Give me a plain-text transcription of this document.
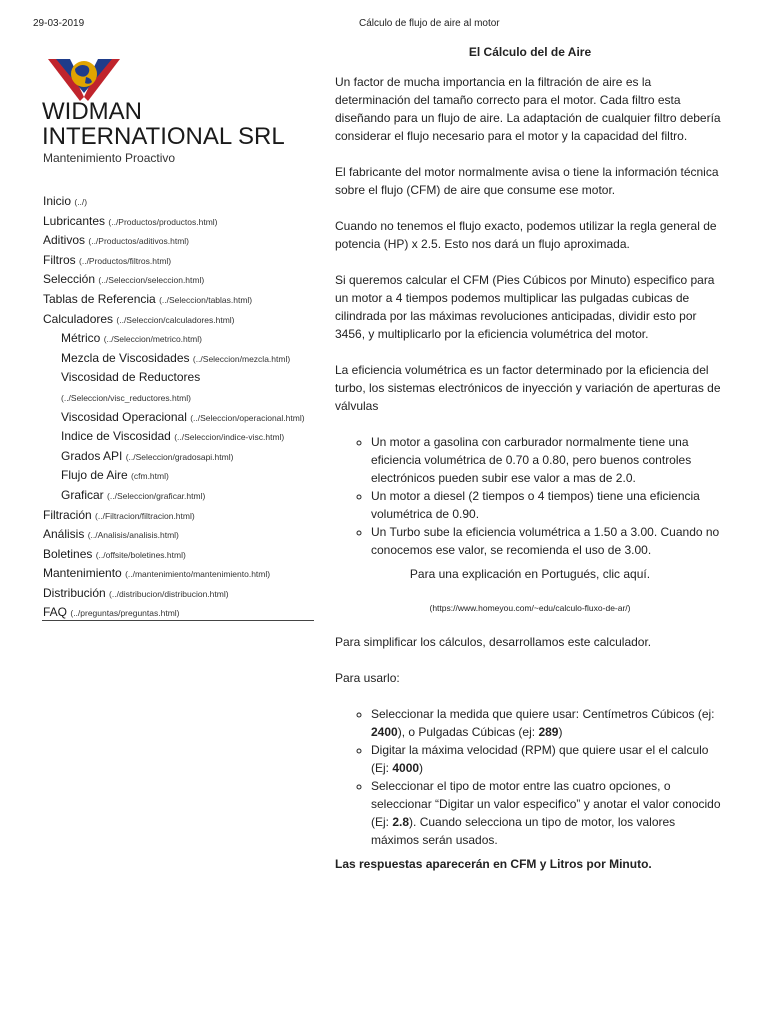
29-03-2019	Cálculo de flujo de aire al motor
WIDMAN INTERNATIONAL SRL
Mantenimiento Proactivo
Inicio (../)
Lubricantes (../Productos/productos.html)
Aditivos (../Productos/aditivos.html)
Filtros (../Productos/filtros.html)
Selección (../Seleccion/seleccion.html)
Tablas de Referencia (../Seleccion/tablas.html)
Calculadores (../Seleccion/calculadores.html)
Métrico (../Seleccion/metrico.html)
Mezcla de Viscosidades (../Seleccion/mezcla.html)
Viscosidad de Reductores
(../Seleccion/visc_reductores.html)
Viscosidad Operacional (../Seleccion/operacional.html)
Indice de Viscosidad (../Seleccion/indice-visc.html)
Grados API (../Seleccion/gradosapi.html)
Flujo de Aire (cfm.html)
Graficar (../Seleccion/graficar.html)
Filtración (../Filtracion/filtracion.html)
Análisis (../Analisis/analisis.html)
Boletines (../offsite/boletines.html)
Mantenimiento (../mantenimiento/mantenimiento.html)
Distribución (../distribucion/distribucion.html)
FAQ (../preguntas/preguntas.html)
El Cálculo del de Aire

Un factor de mucha importancia en la filtración de aire es la determinación del tamaño correcto para el motor. Cada filtro esta diseñando para un flujo de aire. La adaptación de cualquier filtro debería considerar el flujo necesario para el motor y la capacidad del filtro.

El fabricante del motor normalmente avisa o tiene la información técnica sobre el flujo (CFM) de aire que consume ese motor.

Cuando no tenemos el flujo exacto, podemos utilizar la regla general de potencia (HP) x 2.5. Esto nos dará un flujo aproximada.

Si queremos calcular el CFM (Pies Cúbicos por Minuto) especifico para un motor a 4 tiempos podemos multiplicar las pulgadas cubicas de cilindrada por las máximas revoluciones anticipadas, dividir esto por 3456, y multiplicarlo por la eficiencia volumétrica del motor.

La eficiencia volumétrica es un factor determinado por la eficiencia del turbo, los sistemas electrónicos de inyección y variación de aperturas de válvulas

◦ Un motor a gasolina con carburador normalmente tiene una eficiencia volumétrica de 0.70 a 0.80, pero buenos controles electrónicos pueden subir ese valor a mas de 2.0.
◦ Un motor a diesel (2 tiempos o 4 tiempos) tiene una eficiencia volumétrica de 0.90.
◦ Un Turbo sube la eficiencia volumétrica a 1.50 a 3.00. Cuando no conocemos ese valor, se recomienda el uso de 3.00.

Para una explicación en Portugués, clic aquí.

(https://www.homeyou.com/~edu/calculo-fluxo-de-ar/)

Para simplificar los cálculos, desarrollamos este calculador.

Para usarlo:

◦ Seleccionar la medida que quiere usar: Centímetros Cúbicos (ej: 2400), o Pulgadas Cúbicas (ej: 289)
◦ Digitar la máxima velocidad (RPM) que quiere usar el el calculo (Ej: 4000)
◦ Seleccionar el tipo de motor entre las cuatro opciones, o seleccionar “Digitar un valor especifico” y anotar el valor conocido (Ej: 2.8). Cuando selecciona un tipo de motor, los valores máximos serán usados.

Las respuestas aparecerán en CFM y Litros por Minuto.
